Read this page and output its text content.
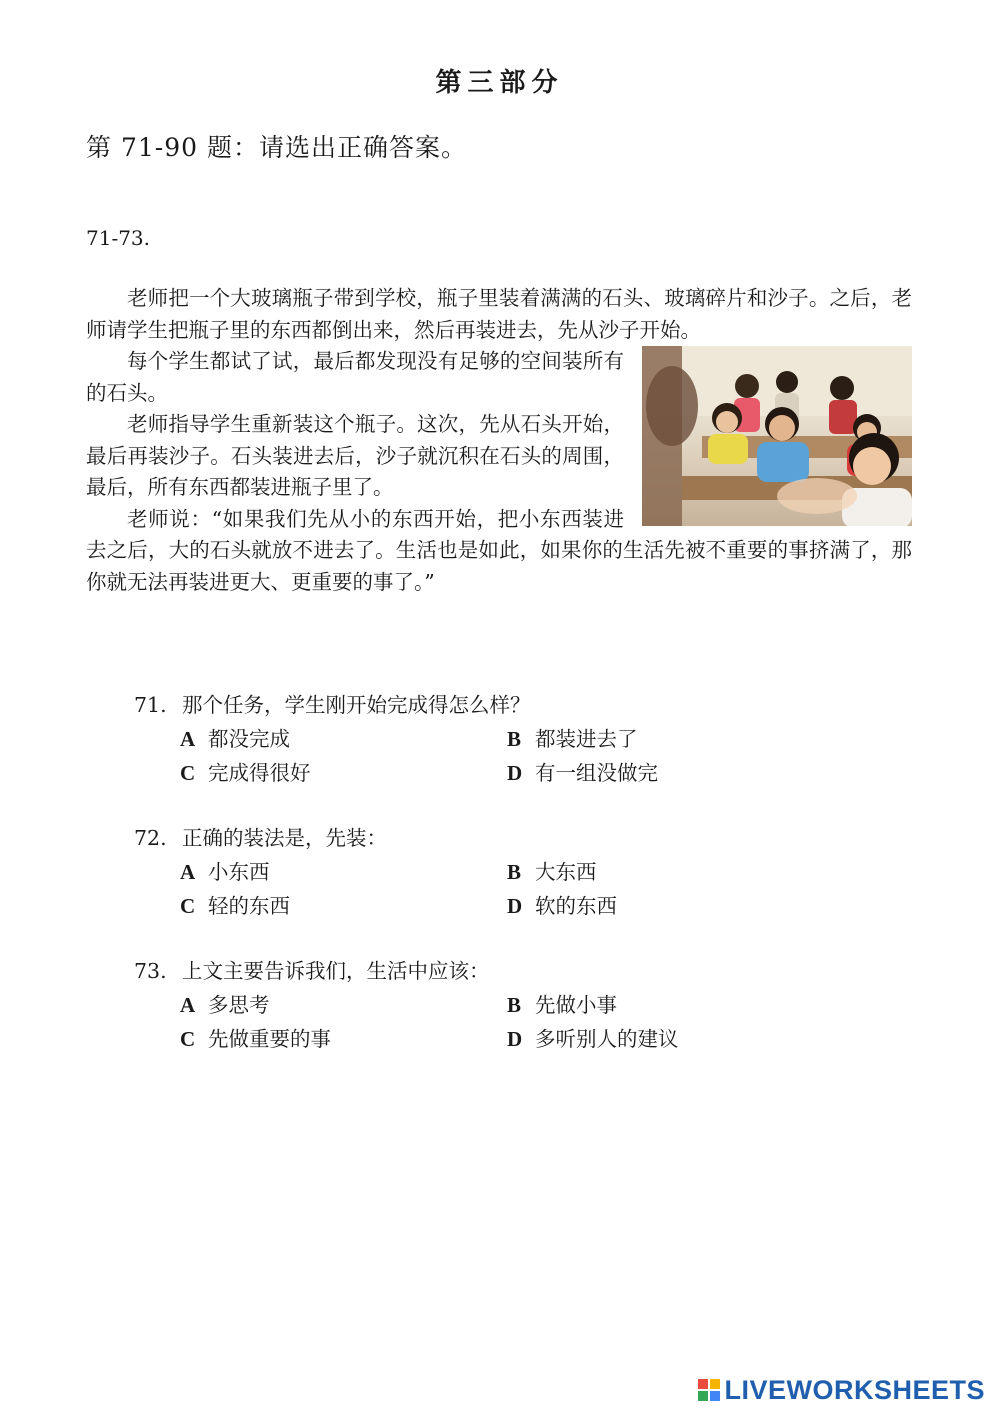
第三部分
第 71-90 题：请选出正确答案。
71-73.

老师把一个大玻璃瓶子带到学校，瓶子里装着满满的石头、玻璃碎片和沙子。之后，老师请学生把瓶子里的东西都倒出来，然后再装进去，先从沙子开始。

每个学生都试了试，最后都发现没有足够的空间装所有的石头。

老师指导学生重新装这个瓶子。这次，先从石头开始，最后再装沙子。石头装进去后，沙子就沉积在石头的周围，最后，所有东西都装进瓶子里了。

老师说：“如果我们先从小的东西开始，把小东西装进去之后，大的石头就放不进去了。生活也是如此，如果你的生活先被不重要的事挤满了，那你就无法再装进更大、更重要的事了。”

71. 那个任务，学生刚开始完成得怎么样？
A 都没完成	B 都装进去了
C 完成得很好	D 有一组没做完
72. 正确的装法是，先装：
A 小东西	B 大东西
C 轻的东西	D 软的东西
73. 上文主要告诉我们，生活中应该：
A 多思考	B 先做小事
C 先做重要的事	D 多听别人的建议
LIVEWORKSHEETS
